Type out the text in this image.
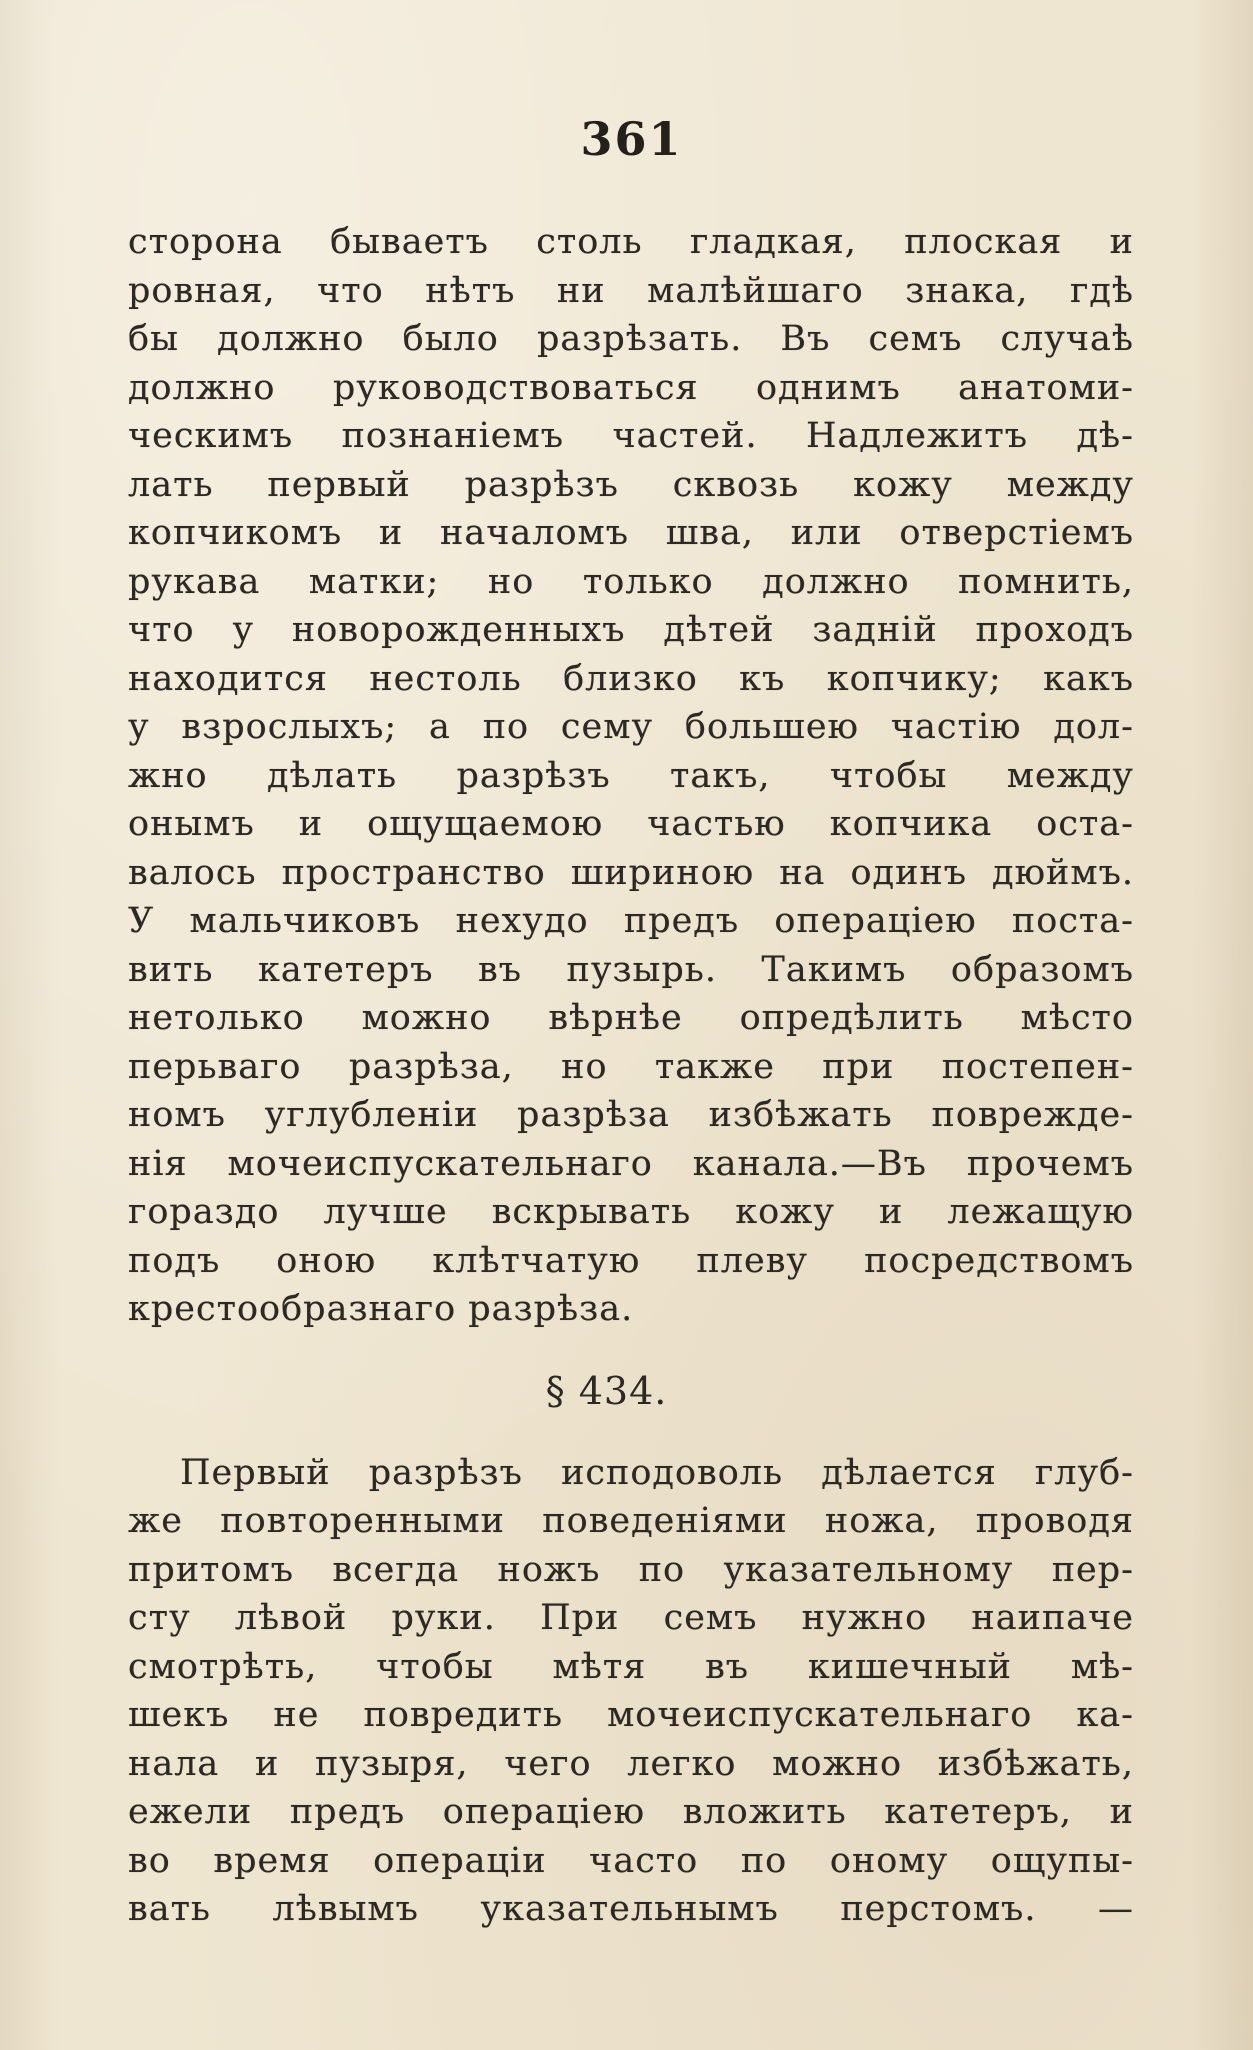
361
сторона бываетъ столь гладкая, плоская и
ровная, что нѣтъ ни малѣйшаго знака, гдѣ
бы должно было разрѣзать. Въ семъ случаѣ
должно руководствоваться однимъ анатоми-
ческимъ познаніемъ частей. Надлежитъ дѣ-
лать первый разрѣзъ сквозь кожу между
копчикомъ и началомъ шва, или отверстіемъ
рукава матки; но только должно помнить,
что у новорожденныхъ дѣтей задній проходъ
находится нестоль близко къ копчику; какъ
у взрослыхъ; а по сему большею частію дол-
жно дѣлать разрѣзъ такъ, чтобы между
онымъ и ощущаемою частью копчика оста-
валось пространство шириною на одинъ дюймъ.
У мальчиковъ нехудо предъ операціею поста-
вить катетеръ въ пузырь. Такимъ образомъ
нетолько можно вѣрнѣе опредѣлить мѣсто
перьваго разрѣза, но также при постепен-
номъ углубленіи разрѣза избѣжать поврежде-
нія мочеиспускательнаго канала.—Въ прочемъ
гораздо лучше вскрывать кожу и лежащую
подъ оною клѣтчатую плеву посредствомъ
крестообразнаго разрѣза.
§ 434.
Первый разрѣзъ исподоволь дѣлается глуб-
же повторенными поведеніями ножа, проводя
притомъ всегда ножъ по указательному пер-
сту лѣвой руки. При семъ нужно наипаче
смотрѣть, чтобы мѣтя въ кишечный мѣ-
шекъ не повредить мочеиспускательнаго ка-
нала и пузыря, чего легко можно избѣжать,
ежели предъ операціею вложить катетеръ, и
во время операціи часто по оному ощупы-
вать лѣвымъ указательнымъ перстомъ. —
